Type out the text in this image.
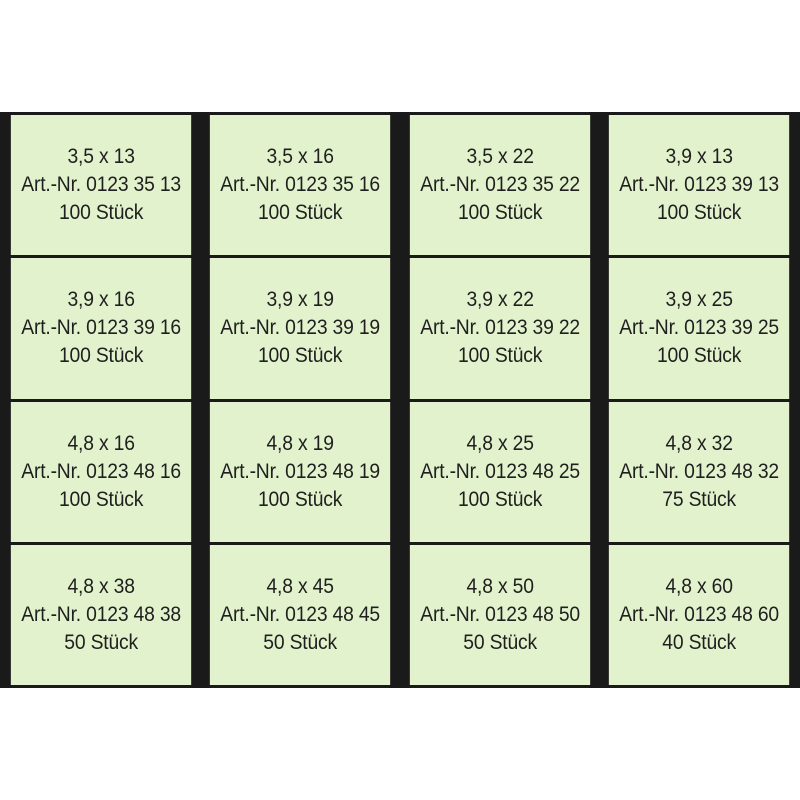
3,5 x 13
Art.-Nr. 0123 35 13
100 Stück
3,5 x 16
Art.-Nr. 0123 35 16
100 Stück
3,5 x 22
Art.-Nr. 0123 35 22
100 Stück
3,9 x 13
Art.-Nr. 0123 39 13
100 Stück
3,9 x 16
Art.-Nr. 0123 39 16
100 Stück
3,9 x 19
Art.-Nr. 0123 39 19
100 Stück
3,9 x 22
Art.-Nr. 0123 39 22
100 Stück
3,9 x 25
Art.-Nr. 0123 39 25
100 Stück
4,8 x 16
Art.-Nr. 0123 48 16
100 Stück
4,8 x 19
Art.-Nr. 0123 48 19
100 Stück
4,8 x 25
Art.-Nr. 0123 48 25
100 Stück
4,8 x 32
Art.-Nr. 0123 48 32
75 Stück
4,8 x 38
Art.-Nr. 0123 48 38
50 Stück
4,8 x 45
Art.-Nr. 0123 48 45
50 Stück
4,8 x 50
Art.-Nr. 0123 48 50
50 Stück
4,8 x 60
Art.-Nr. 0123 48 60
40 Stück
